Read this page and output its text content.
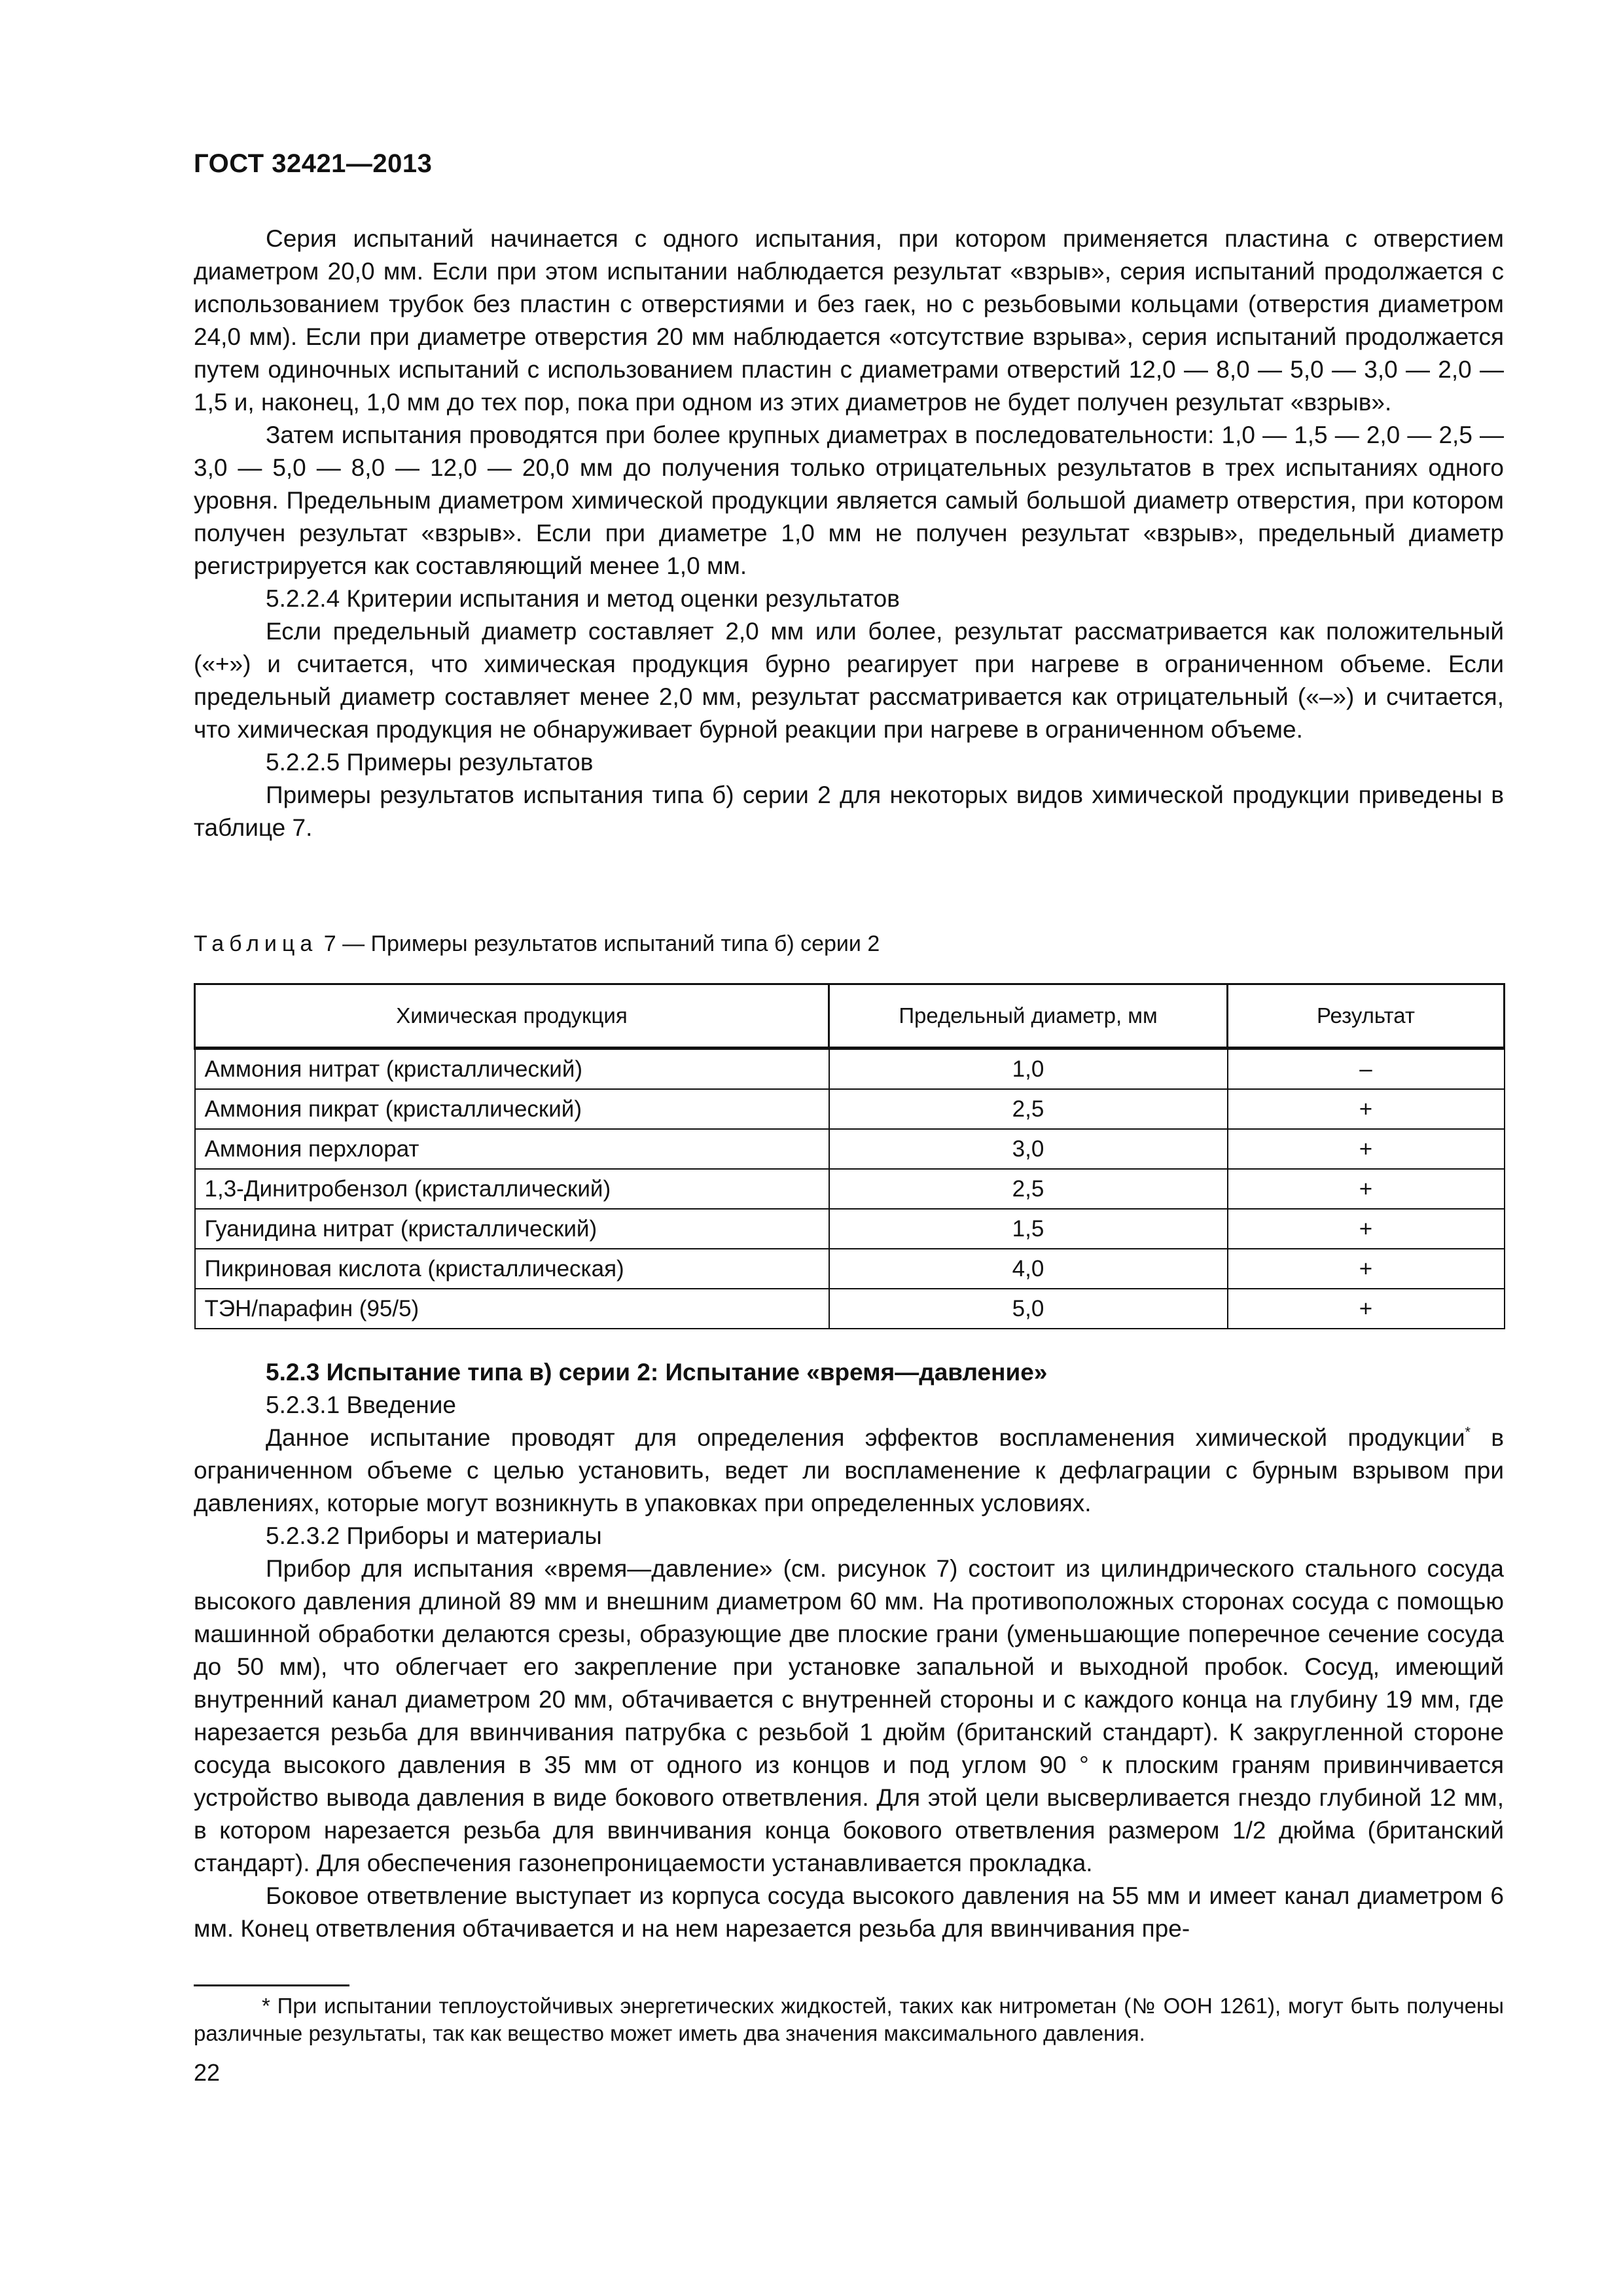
ГОСТ 32421—2013

Серия испытаний начинается с одного испытания, при котором применяется пластина с отверстием диаметром 20,0 мм. Если при этом испытании наблюдается результат «взрыв», серия испытаний продолжается с использованием трубок без пластин с отверстиями и без гаек, но с резьбовыми кольцами (отверстия диаметром 24,0 мм). Если при диаметре отверстия 20 мм наблюдается «отсутствие взрыва», серия испытаний продолжается путем одиночных испытаний с использованием пластин с диаметрами отверстий 12,0 — 8,0 — 5,0 — 3,0 — 2,0 — 1,5 и, наконец, 1,0 мм до тех пор, пока при одном из этих диаметров не будет получен результат «взрыв».

Затем испытания проводятся при более крупных диаметрах в последовательности: 1,0 — 1,5 — 2,0 — 2,5 — 3,0 — 5,0 — 8,0 — 12,0 — 20,0 мм до получения только отрицательных результатов в трех испытаниях одного уровня. Предельным диаметром химической продукции является самый большой диаметр отверстия, при котором получен результат «взрыв». Если при диаметре 1,0 мм не получен результат «взрыв», предельный диаметр регистрируется как составляющий менее 1,0 мм.

5.2.2.4 Критерии испытания и метод оценки результатов

Если предельный диаметр составляет 2,0 мм или более, результат рассматривается как положительный («+») и считается, что химическая продукция бурно реагирует при нагреве в ограниченном объеме. Если предельный диаметр составляет менее 2,0 мм, результат рассматривается как отрицательный («–») и считается, что химическая продукция не обнаруживает бурной реакции при нагреве в ограниченном объеме.

5.2.2.5 Примеры результатов

Примеры результатов испытания типа б) серии 2 для некоторых видов химической продукции приведены в таблице 7.

Таблица 7 — Примеры результатов испытаний типа б) серии 2
Химическая продукция	Предельный диаметр, мм	Результат
Аммония нитрат (кристаллический)	1,0	–
Аммония пикрат (кристаллический)	2,5	+
Аммония перхлорат	3,0	+
1,3-Динитробензол (кристаллический)	2,5	+
Гуанидина нитрат (кристаллический)	1,5	+
Пикриновая кислота (кристаллическая)	4,0	+
ТЭН/парафин (95/5)	5,0	+

5.2.3 Испытание типа в) серии 2: Испытание «время—давление»

5.2.3.1 Введение

Данное испытание проводят для определения эффектов воспламенения химической продукции* в ограниченном объеме с целью установить, ведет ли воспламенение к дефлаграции с бурным взрывом при давлениях, которые могут возникнуть в упаковках при определенных условиях.

5.2.3.2 Приборы и материалы

Прибор для испытания «время—давление» (см. рисунок 7) состоит из цилиндрического стального сосуда высокого давления длиной 89 мм и внешним диаметром 60 мм. На противоположных сторонах сосуда с помощью машинной обработки делаются срезы, образующие две плоские грани (уменьшающие поперечное сечение сосуда до 50 мм), что облегчает его закрепление при установке запальной и выходной пробок. Сосуд, имеющий внутренний канал диаметром 20 мм, обтачивается с внутренней стороны и с каждого конца на глубину 19 мм, где нарезается резьба для ввинчивания патрубка с резьбой 1 дюйм (британский стандарт). К закругленной стороне сосуда высокого давления в 35 мм от одного из концов и под углом 90 ° к плоским граням привинчивается устройство вывода давления в виде бокового ответвления. Для этой цели высверливается гнездо глубиной 12 мм, в котором нарезается резьба для ввинчивания конца бокового ответвления размером 1/2 дюйма (британский стандарт). Для обеспечения газонепроницаемости устанавливается прокладка.

Боковое ответвление выступает из корпуса сосуда высокого давления на 55 мм и имеет канал диаметром 6 мм. Конец ответвления обтачивается и на нем нарезается резьба для ввинчивания пре-

* При испытании теплоустойчивых энергетических жидкостей, таких как нитрометан (№ ООН 1261), могут быть получены различные результаты, так как вещество может иметь два значения максимального давления.
22
